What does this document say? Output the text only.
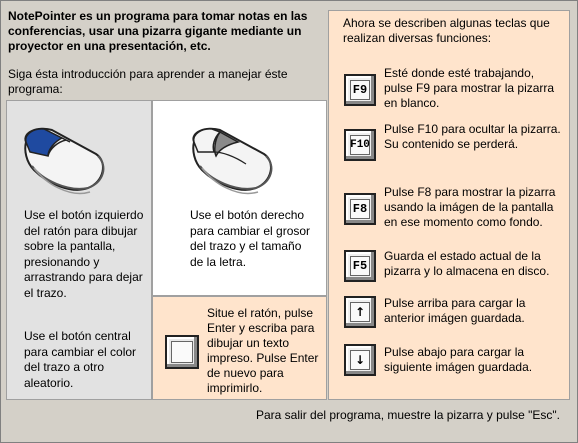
NotePointer es un programa para tomar notas en las conferencias, usar una pizarra gigante mediante un proyector en una presentación, etc.
Siga ésta introducción para aprender a manejar éste programa:
Use el botón izquierdo del ratón para dibujar sobre la pantalla, presionando y arrastrando para dejar el trazo.
Use el botón central para cambiar el color del trazo a otro aleatorio.
Use el botón derecho para cambiar el grosor del trazo y el tamaño de la letra.
Situe el ratón, pulse Enter y escriba para dibujar un texto impreso. Pulse Enter de nuevo para imprimirlo.
Ahora se describen algunas teclas que realizan diversas funciones:
F9
Esté donde esté trabajando, pulse F9 para mostrar la pizarra en blanco.
F10
Pulse F10 para ocultar la pizarra. Su contenido se perderá.
F8
Pulse F8 para mostrar la pizarra usando la imágen de la pantalla en ese momento como fondo.
F5
Guarda el estado actual de la pizarra y lo almacena en disco.
↑
Pulse arriba para cargar la anterior imágen guardada.
↓
Pulse abajo para cargar la siguiente imágen guardada.
Para salir del programa, muestre la pizarra y pulse "Esc".
